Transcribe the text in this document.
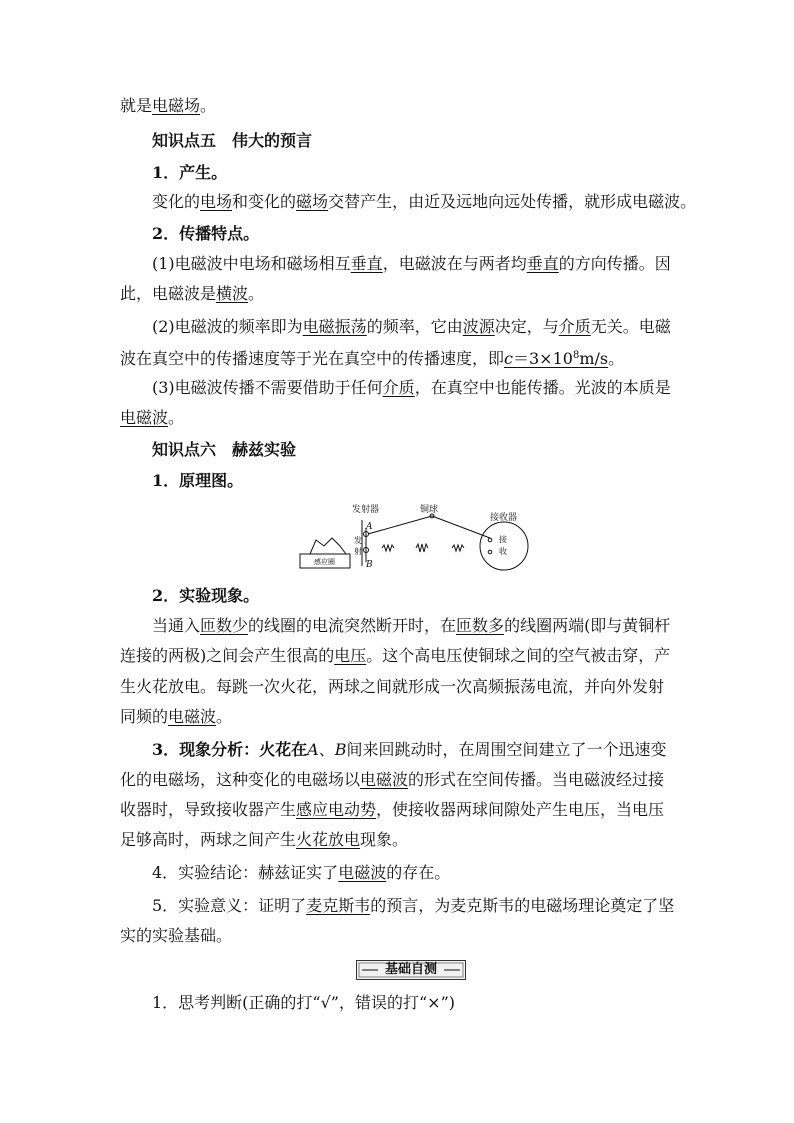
就是电磁场。
知识点五　伟大的预言
1．产生。
变化的电场和变化的磁场交替产生，由近及远地向远处传播，就形成电磁波。
2．传播特点。
(1)电磁波中电场和磁场相互垂直，电磁波在与两者均垂直的方向传播。因
此，电磁波是横波。
(2)电磁波的频率即为电磁振荡的频率，它由波源决定，与介质无关。电磁
波在真空中的传播速度等于光在真空中的传播速度，即$c=3\times 10^8m/s$。
(3)电磁波传播不需要借助于任何介质，在真空中也能传播。光波的本质是
电磁波。
知识点六　赫兹实验
1．原理图。
发射器	铜球
接收器
A
B
发
射
接
收
感应圈
2．实验现象。
当通入匝数少的线圈的电流突然断开时，在匝数多的线圈两端(即与黄铜杆
连接的两极)之间会产生很高的电压。这个高电压使铜球之间的空气被击穿，产
生火花放电。每跳一次火花，两球之间就形成一次高频振荡电流，并向外发射
同频的电磁波。
3．现象分析：火花在A、B间来回跳动时，在周围空间建立了一个迅速变
化的电磁场，这种变化的电磁场以电磁波的形式在空间传播。当电磁波经过接
收器时，导致接收器产生感应电动势，使接收器两球间隙处产生电压，当电压
足够高时，两球之间产生火花放电现象。
4．实验结论：赫兹证实了电磁波的存在。
5．实验意义：证明了麦克斯韦的预言，为麦克斯韦的电磁场理论奠定了坚
实的实验基础。
基础自测
1．思考判断(正确的打“√”，错误的打“×”)
